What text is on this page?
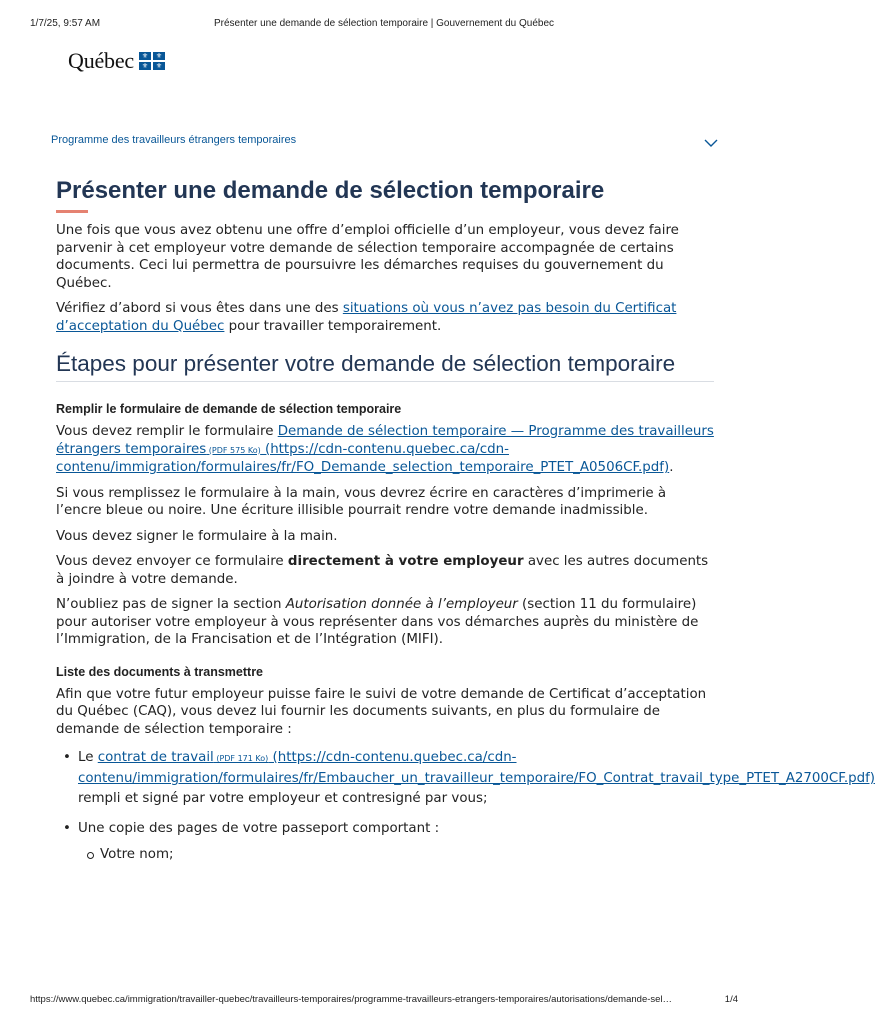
1/7/25, 9:57 AM	Présenter une demande de sélection temporaire | Gouvernement du Québec
Québec	⚜	⚜
⚜	⚜
Programme des travailleurs étrangers temporaires
Présenter une demande de sélection temporaire

Une fois que vous avez obtenu une offre d’emploi officielle d’un employeur, vous devez faire parvenir à cet employeur votre demande de sélection temporaire accompagnée de certains documents. Ceci lui permettra de poursuivre les démarches requises du gouvernement du Québec.

Vérifiez d’abord si vous êtes dans une des situations où vous n’avez pas besoin du Certificat d’acceptation du Québec pour travailler temporairement.

Étapes pour présenter votre demande de sélection temporaire
Remplir le formulaire de demande de sélection temporaire

Vous devez remplir le formulaire Demande de sélection temporaire — Programme des travailleurs étrangers temporaires (PDF 575 Ko) (https://cdn-contenu.quebec.ca/cdn-contenu/immigration/formulaires/fr/FO_Demande_selection_temporaire_PTET_A0506CF.pdf).

Si vous remplissez le formulaire à la main, vous devrez écrire en caractères d’imprimerie à l’encre bleue ou noire. Une écriture illisible pourrait rendre votre demande inadmissible.

Vous devez signer le formulaire à la main.

Vous devez envoyer ce formulaire directement à votre employeur avec les autres documents à joindre à votre demande.

N’oubliez pas de signer la section Autorisation donnée à l’employeur (section 11 du formulaire) pour autoriser votre employeur à vous représenter dans vos démarches auprès du ministère de l’Immigration, de la Francisation et de l’Intégration (MIFI).

Liste des documents à transmettre

Afin que votre futur employeur puisse faire le suivi de votre demande de Certificat d’acceptation du Québec (CAQ), vous devez lui fournir les documents suivants, en plus du formulaire de demande de sélection temporaire :

• Le contrat de travail (PDF 171 Ko) (https://cdn-contenu.quebec.ca/cdn-contenu/immigration/formulaires/fr/Embaucher_un_travailleur_temporaire/FO_Contrat_travail_type_PTET_A2700CF.pdf) rempli et signé par votre employeur et contresigné par vous;
• Une copie des pages de votre passeport comportant :
Votre nom;
https://www.quebec.ca/immigration/travailler-quebec/travailleurs-temporaires/programme-travailleurs-etrangers-temporaires/autorisations/demande-sel…	1/4
